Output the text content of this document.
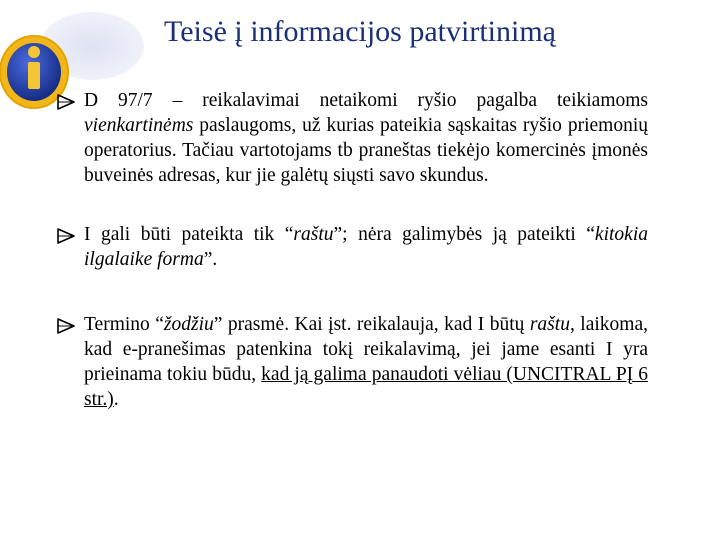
Teisė į informacijos patvirtinimą
D 97/7 – reikalavimai netaikomi ryšio pagalba teikiamoms vienkartinėms paslaugoms, už kurias pateikia sąskaitas ryšio priemonių operatorius. Tačiau vartotojams tb praneštas tiekėjo komercinės įmonės buveinės adresas, kur jie galėtų siųsti savo skundus.
I gali būti pateikta tik “raštu”; nėra galimybės ją pateikti “kitokia ilgalaike forma”.
Termino “žodžiu” prasmė. Kai įst. reikalauja, kad I būtų raštu, laikoma, kad e-pranešimas patenkina tokį reikalavimą, jei jame esanti I yra prieinama tokiu būdu, kad ją galima panaudoti vėliau (UNCITRAL PĮ 6 str.).
